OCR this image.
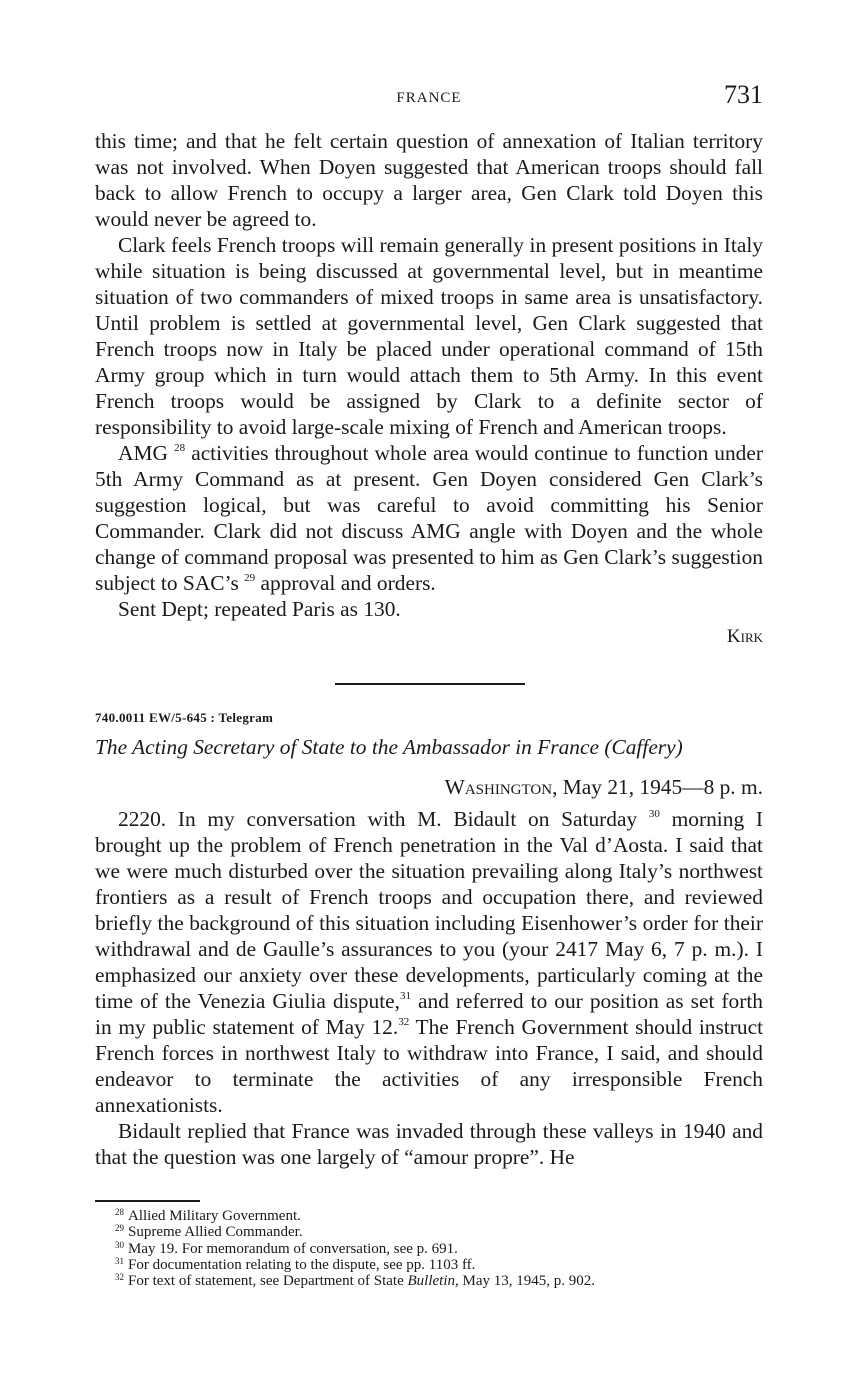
FRANCE	731

this time; and that he felt certain question of annexation of Italian territory was not involved. When Doyen suggested that American troops should fall back to allow French to occupy a larger area, Gen Clark told Doyen this would never be agreed to.

Clark feels French troops will remain generally in present positions in Italy while situation is being discussed at governmental level, but in meantime situation of two commanders of mixed troops in same area is unsatisfactory. Until problem is settled at governmental level, Gen Clark suggested that French troops now in Italy be placed under operational command of 15th Army group which in turn would attach them to 5th Army. In this event French troops would be assigned by Clark to a definite sector of responsibility to avoid large-scale mixing of French and American troops.

AMG $^{28}$ activities throughout whole area would continue to function under 5th Army Command as at present. Gen Doyen considered Gen Clark’s suggestion logical, but was careful to avoid committing his Senior Commander. Clark did not discuss AMG angle with Doyen and the whole change of command proposal was presented to him as Gen Clark’s suggestion subject to SAC’s $^{29}$ approval and orders.

Sent Dept; repeated Paris as 130.

Kirk
740.0011 EW/5-645 : Telegram
The Acting Secretary of State to the Ambassador in France (Caffery)
Washington, May 21, 1945—8 p. m.

2220. In my conversation with M. Bidault on Saturday $^{30}$ morning I brought up the problem of French penetration in the Val d’Aosta. I said that we were much disturbed over the situation prevailing along Italy’s northwest frontiers as a result of French troops and occupation there, and reviewed briefly the background of this situation including Eisenhower’s order for their withdrawal and de Gaulle’s assurances to you (your 2417 May 6, 7 p. m.). I emphasized our anxiety over these developments, particularly coming at the time of the Venezia Giulia dispute,$^{31}$ and referred to our position as set forth in my public statement of May 12.32 The French Government should instruct French forces in northwest Italy to withdraw into France, I said, and should endeavor to terminate the activities of any irresponsible French annexationists.

Bidault replied that France was invaded through these valleys in 1940 and that the question was one largely of “amour propre”. He

$^{28}$ Allied Military Government.
$^{29}$ Supreme Allied Commander.
$^{30}$ May 19. For memorandum of conversation, see p. 691.
$^{31}$ For documentation relating to the dispute, see pp. 1103 ff.
$^{32}$ For text of statement, see Department of State Bulletin, May 13, 1945, p. 902.
